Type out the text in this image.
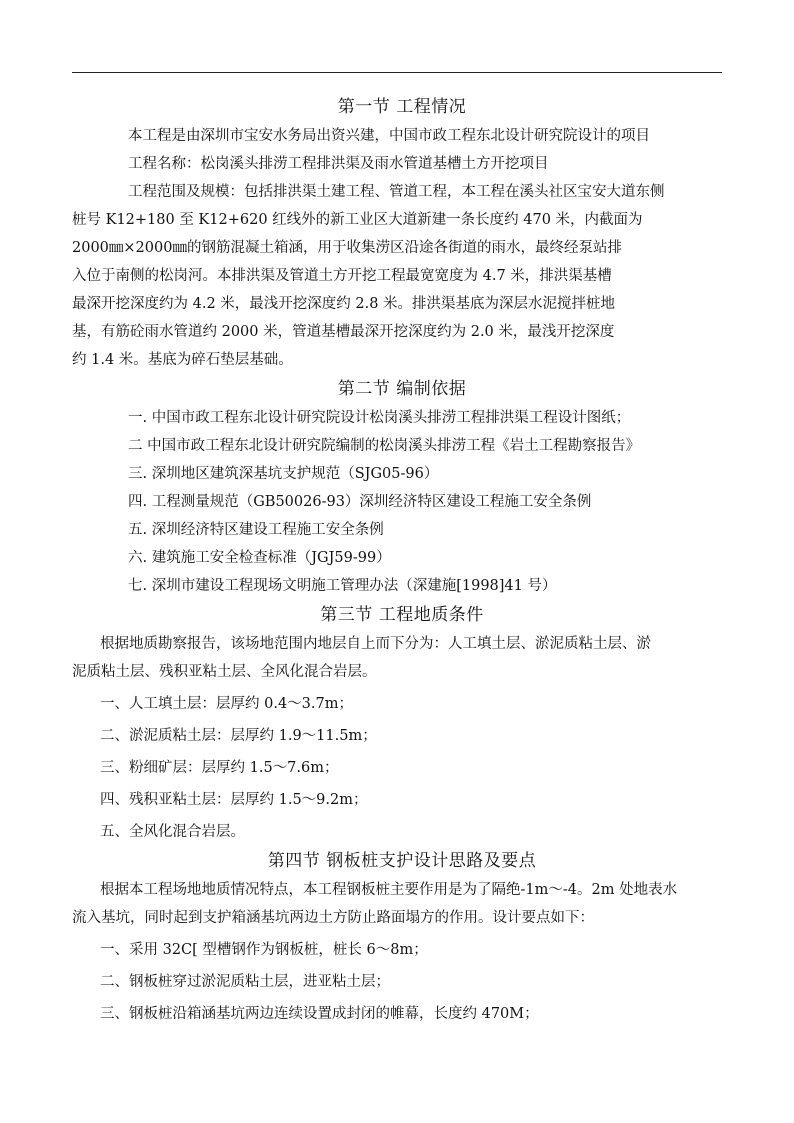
第一节 工程情况

本工程是由深圳市宝安水务局出资兴建，中国市政工程东北设计研究院设计的项目

工程名称：松岗溪头排涝工程排洪渠及雨水管道基槽土方开挖项目

工程范围及规模：包括排洪渠土建工程、管道工程，本工程在溪头社区宝安大道东侧

桩号 K12+180 至 K12+620 红线外的新工业区大道新建一条长度约 470 米，内截面为

2000㎜×2000㎜的钢筋混凝土箱涵，用于收集涝区沿途各街道的雨水，最终经泵站排

入位于南侧的松岗河。本排洪渠及管道土方开挖工程最宽宽度为 4.7 米，排洪渠基槽

最深开挖深度约为 4.2 米，最浅开挖深度约 2.8 米。排洪渠基底为深层水泥搅拌桩地

基，有筋砼雨水管道约 2000 米，管道基槽最深开挖深度约为 2.0 米，最浅开挖深度

约 1.4 米。基底为碎石垫层基础。

第二节 编制依据

一. 中国市政工程东北设计研究院设计松岗溪头排涝工程排洪渠工程设计图纸；

二 中国市政工程东北设计研究院编制的松岗溪头排涝工程《岩土工程勘察报告》

三. 深圳地区建筑深基坑支护规范（SJG05-96）

四. 工程测量规范（GB50026-93）深圳经济特区建设工程施工安全条例

五. 深圳经济特区建设工程施工安全条例

六. 建筑施工安全检查标准（JGJ59-99）

七. 深圳市建设工程现场文明施工管理办法（深建施[1998]41 号）

第三节 工程地质条件

根据地质勘察报告，该场地范围内地层自上而下分为：人工填土层、淤泥质粘土层、淤

泥质粘土层、残积亚粘土层、全风化混合岩层。

一、人工填土层：层厚约 0.4～3.7m；

二、淤泥质粘土层：层厚约 1.9～11.5m；

三、粉细矿层：层厚约 1.5～7.6m；

四、残积亚粘土层：层厚约 1.5～9.2m；

五、全风化混合岩层。

第四节 钢板桩支护设计思路及要点

根据本工程场地地质情况特点，本工程钢板桩主要作用是为了隔绝-1m～-4。2m 处地表水

流入基坑，同时起到支护箱涵基坑两边土方防止路面塌方的作用。设计要点如下：

一、采用 32C[ 型槽钢作为钢板桩，桩长 6～8m；

二、钢板桩穿过淤泥质粘土层，进亚粘土层；

三、钢板桩沿箱涵基坑两边连续设置成封闭的帷幕，长度约 470M；
